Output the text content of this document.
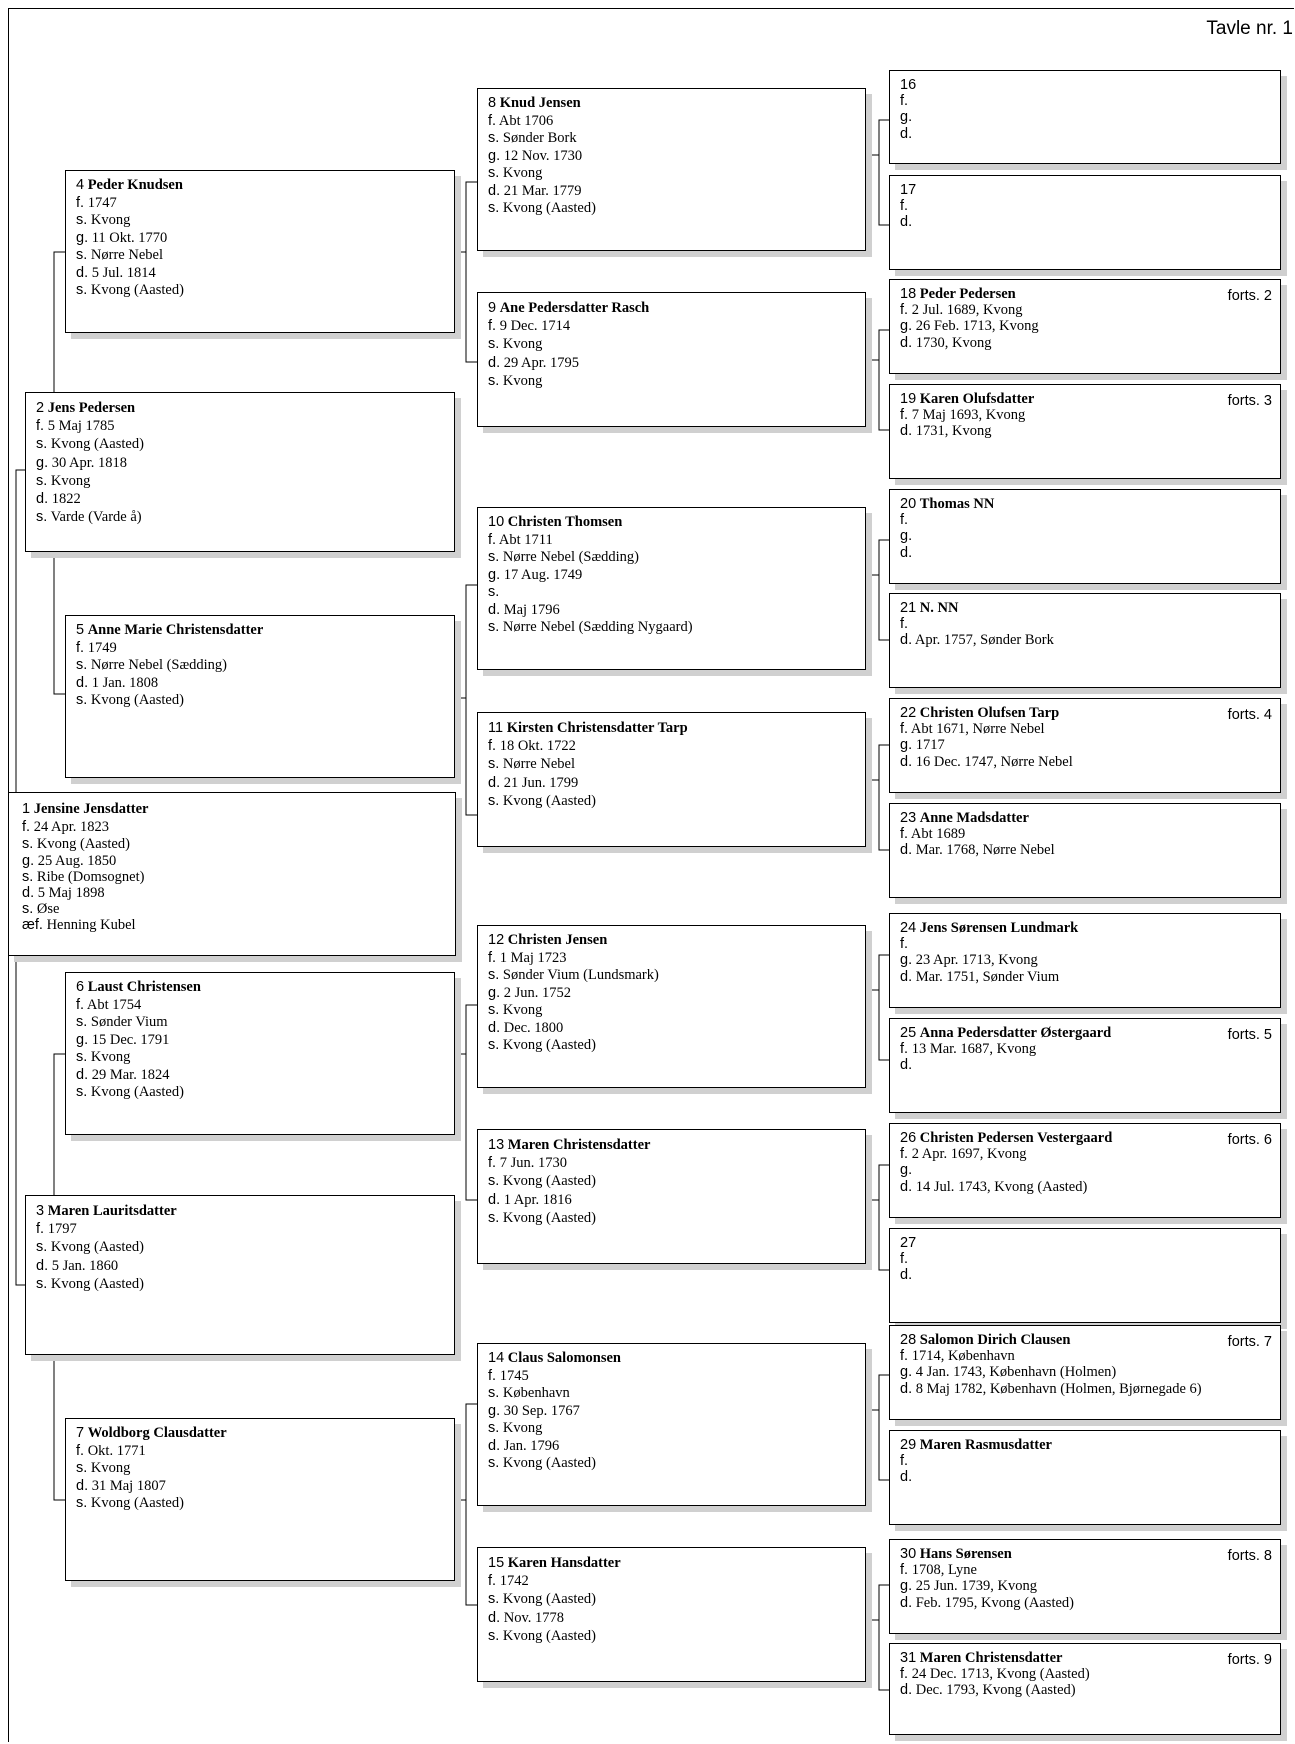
Tavle nr. 1
1 Jensine Jensdatter
f. 24 Apr. 1823
s. Kvong (Aasted)
g. 25 Aug. 1850
s. Ribe (Domsognet)
d. 5 Maj 1898
s. Øse
æf. Henning Kubel
2 Jens Pedersen
f. 5 Maj 1785
s. Kvong (Aasted)
g. 30 Apr. 1818
s. Kvong
d. 1822
s. Varde (Varde å)
3 Maren Lauritsdatter
f. 1797
s. Kvong (Aasted)
d. 5 Jan. 1860
s. Kvong (Aasted)
4 Peder Knudsen
f. 1747
s. Kvong
g. 11 Okt. 1770
s. Nørre Nebel
d. 5 Jul. 1814
s. Kvong (Aasted)
5 Anne Marie Christensdatter
f. 1749
s. Nørre Nebel (Sædding)
d. 1 Jan. 1808
s. Kvong (Aasted)
6 Laust Christensen
f. Abt 1754
s. Sønder Vium
g. 15 Dec. 1791
s. Kvong
d. 29 Mar. 1824
s. Kvong (Aasted)
7 Woldborg Clausdatter
f. Okt. 1771
s. Kvong
d. 31 Maj 1807
s. Kvong (Aasted)
8 Knud Jensen
f. Abt 1706
s. Sønder Bork
g. 12 Nov. 1730
s. Kvong
d. 21 Mar. 1779
s. Kvong (Aasted)
9 Ane Pedersdatter Rasch
f. 9 Dec. 1714
s. Kvong
d. 29 Apr. 1795
s. Kvong
10 Christen Thomsen
f. Abt 1711
s. Nørre Nebel (Sædding)
g. 17 Aug. 1749
s.
d. Maj 1796
s. Nørre Nebel (Sædding Nygaard)
11 Kirsten Christensdatter Tarp
f. 18 Okt. 1722
s. Nørre Nebel
d. 21 Jun. 1799
s. Kvong (Aasted)
12 Christen Jensen
f. 1 Maj 1723
s. Sønder Vium (Lundsmark)
g. 2 Jun. 1752
s. Kvong
d. Dec. 1800
s. Kvong (Aasted)
13 Maren Christensdatter
f. 7 Jun. 1730
s. Kvong (Aasted)
d. 1 Apr. 1816
s. Kvong (Aasted)
14 Claus Salomonsen
f. 1745
s. København
g. 30 Sep. 1767
s. Kvong
d. Jan. 1796
s. Kvong (Aasted)
15 Karen Hansdatter
f. 1742
s. Kvong (Aasted)
d. Nov. 1778
s. Kvong (Aasted)
16
f.
g.
d.
17
f.
d.
18 Peder Pedersen
f. 2 Jul. 1689, Kvong
g. 26 Feb. 1713, Kvong
d. 1730, Kvong
forts. 2
19 Karen Olufsdatter
f. 7 Maj 1693, Kvong
d. 1731, Kvong
forts. 3
20 Thomas NN
f.
g.
d.
21 N. NN
f.
d. Apr. 1757, Sønder Bork
22 Christen Olufsen Tarp
f. Abt 1671, Nørre Nebel
g. 1717
d. 16 Dec. 1747, Nørre Nebel
forts. 4
23 Anne Madsdatter
f. Abt 1689
d. Mar. 1768, Nørre Nebel
24 Jens Sørensen Lundmark
f.
g. 23 Apr. 1713, Kvong
d. Mar. 1751, Sønder Vium
25 Anna Pedersdatter Østergaard
f. 13 Mar. 1687, Kvong
d.
forts. 5
26 Christen Pedersen Vestergaard
f. 2 Apr. 1697, Kvong
g.
d. 14 Jul. 1743, Kvong (Aasted)
forts. 6
27
f.
d.
28 Salomon Dirich Clausen
f. 1714, København
g. 4 Jan. 1743, København (Holmen)
d. 8 Maj 1782, København (Holmen, Bjørnegade 6)
forts. 7
29 Maren Rasmusdatter
f.
d.
30 Hans Sørensen
f. 1708, Lyne
g. 25 Jun. 1739, Kvong
d. Feb. 1795, Kvong (Aasted)
forts. 8
31 Maren Christensdatter
f. 24 Dec. 1713, Kvong (Aasted)
d. Dec. 1793, Kvong (Aasted)
forts. 9
